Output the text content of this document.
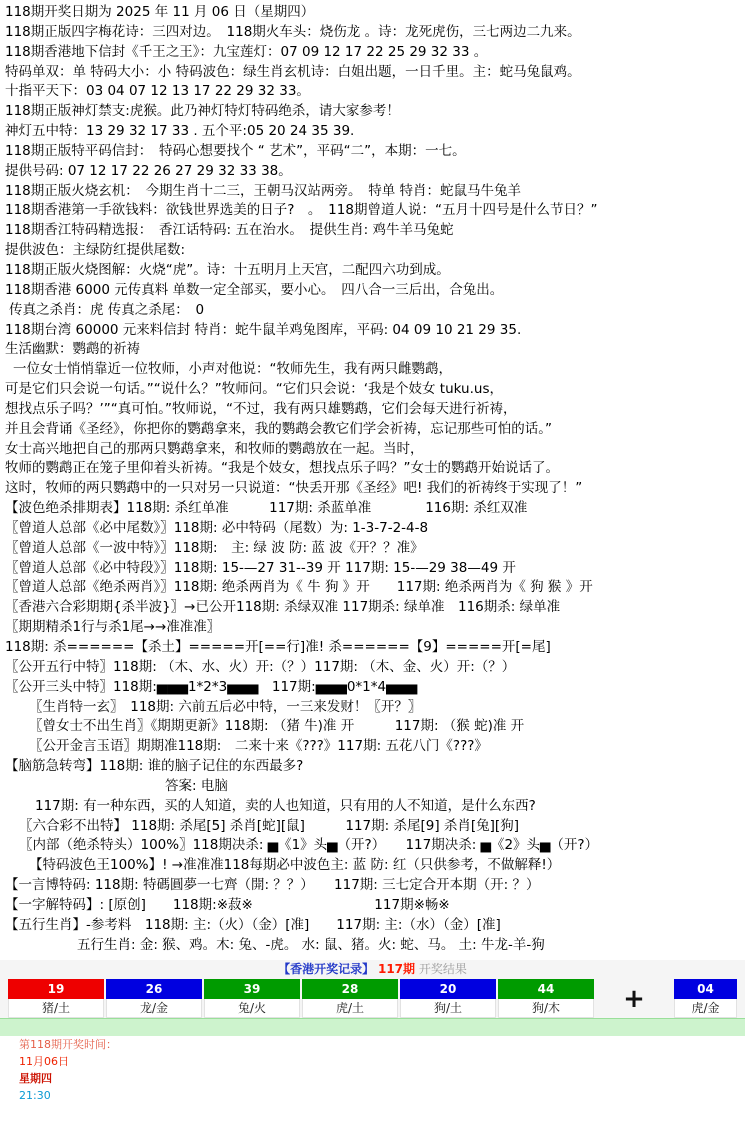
118期开奖日期为 2025 年 11 月 06 日（星期四）
118期正版四字梅花诗：三四对边。　118期火车头：烧伤龙 。诗：龙死虎伤，三七两边二九来。
118期香港地下信封《千王之王》：九宝莲灯：07 09 12 17 22 25 29 32 33 。
特码单双：单 特码大小：小 特码波色：绿生肖玄机诗：白姐出题，一日千里。主：蛇马兔鼠鸡。
十指平天下：03 04 07 12 13 17 22 29 32 33。
118期正版神灯禁支:虎猴。此乃神灯特灯特码绝杀，请大家参考！
神灯五中特：13 29 32 17 33 . 五个平:05 20 24 35 39.
118期正版特平码信封：　特码心想要找个 “ 艺术”，平码“二”，本期：一七。
提供号码: 07 12 17 22 26 27 29 32 33 38。
118期正版火烧玄机：　今期生肖十二三，王朝马汉站两旁。　特单 特肖：蛇鼠马牛兔羊
118期香港第一手欲钱料：欲钱世界选美的日子?　。　118期曾道人说：“五月十四号是什么节日？”
118期香江特码精选报：　香江话特码: 五在治水。　提供生肖: 鸡牛羊马兔蛇
提供波色：主绿防红提供尾数:
118期正版火烧图解：火烧“虎”。诗：十五明月上天宫，二配四六功到成。
118期香港 6000 元传真料 单数一定全部买，要小心。　四八合一三后出，合兔出。
传真之杀肖：虎 传真之杀尾：　0
118期台湾 60000 元来料信封 特肖：蛇牛鼠羊鸡兔图库，平码: 04 09 10 21 29 35.
生活幽默：鹦鹉的祈祷
一位女士悄悄靠近一位牧师，小声对他说：“牧师先生，我有两只雌鹦鹉，
可是它们只会说一句话。”“说什么？”牧师问。“它们只会说：‘我是个妓女 tuku.us，
想找点乐子吗？’”“真可怕。”牧师说，“不过，我有两只雄鹦鹉，它们会每天进行祈祷，
并且会背诵《圣经》，你把你的鹦鹉拿来，我的鹦鹉会教它们学会祈祷，忘记那些可怕的话。”
女士高兴地把自己的那两只鹦鹉拿来，和牧师的鹦鹉放在一起。当时，
牧师的鹦鹉正在笼子里仰着头祈祷。“我是个妓女，想找点乐子吗？”女士的鹦鹉开始说话了。
这时，牧师的两只鹦鹉中的一只对另一只说道：“快丢开那《圣经》吧! 我们的祈祷终于实现了！”
【波色绝杀排期表】118期: 杀红单准　　　117期: 杀蓝单准　　　　116期: 杀红双准
〖曾道人总部《必中尾数》〗118期: 必中特码（尾数）为: 1-3-7-2-4-8
〖曾道人总部《一波中特》〗118期:　主: 绿 波 防: 蓝 波《开？？准》
〖曾道人总部《必中特段》〗118期: 15-—27 31--39 开 117期: 15-—29 38—49 开
〖曾道人总部《绝杀两肖》〗118期: 绝杀两肖为《 牛 狗 》开　　117期: 绝杀两肖为《 狗 猴 》开
〖香港六合彩期期{杀半波}〗→已公开118期: 杀绿双准 117期杀: 绿单准　116期杀: 绿单准
〖期期精杀1行与杀1尾→→准准准〗
118期: 杀======【杀土】=====开[==行]准! 杀======【9】=====开[=尾]
〖公开五行中特〗118期: （木、水、火）开:（？）117期: （木、金、火）开:（？）
〖公开三头中特〗118期:▅▅▅1*2*3▅▅▅　117期:▅▅▅0*1*4▅▅▅
〖生肖特一玄〗　118期: 六前五后必中特，一三来发财！〖开？〗
〖曾女士不出生肖〗《期期更新》118期: （猪 牛)准 开　　　117期: （猴 蛇)准 开
〖公开金言玉语〗期期准118期:　二来十来《???》117期: 五花八门《???》
【脑筋急转弯】118期: 谁的脑子记住的东西最多?
答案: 电脑
117期: 有一种东西，买的人知道，卖的人也知道，只有用的人不知道，是什么东西?
〖六合彩不出特】 118期: 杀尾[5] 杀肖[蛇][鼠]　　　117期: 杀尾[9] 杀肖[兔][狗]
〖内部（绝杀特头）100%〗118期决杀: ▅《1》头▅（开?）　　117期决杀: ▅《2》头▅（开?）
【特码波色王100%】! →准准准118每期必中波色主: 蓝 防: 红（只供参考，不做解释!）
【一言博特码: 118期: 特碼圓夢一七齊（開: ？？）　　117期: 三七定合开本期（开: ？）
【一字解特码】: [原创]　　118期:※菽※　　　　　　　　　117期※畅※
【五行生肖】-参考料　118期: 主:（火）（金）[准]　　117期: 主:（水）（金）[准]
五行生肖: 金: 猴、鸡。木: 兔、-虎。 水: 鼠、猪。火: 蛇、马。 土: 牛龙-羊-狗
【香港开奖记录】 117期 开奖结果
19
猪/土
26
龙/金
39
兔/火
28
虎/土
20
狗/土
44
狗/木	+	04
虎/金

第118期开奖时间：
11月06日
星期四
21:30
